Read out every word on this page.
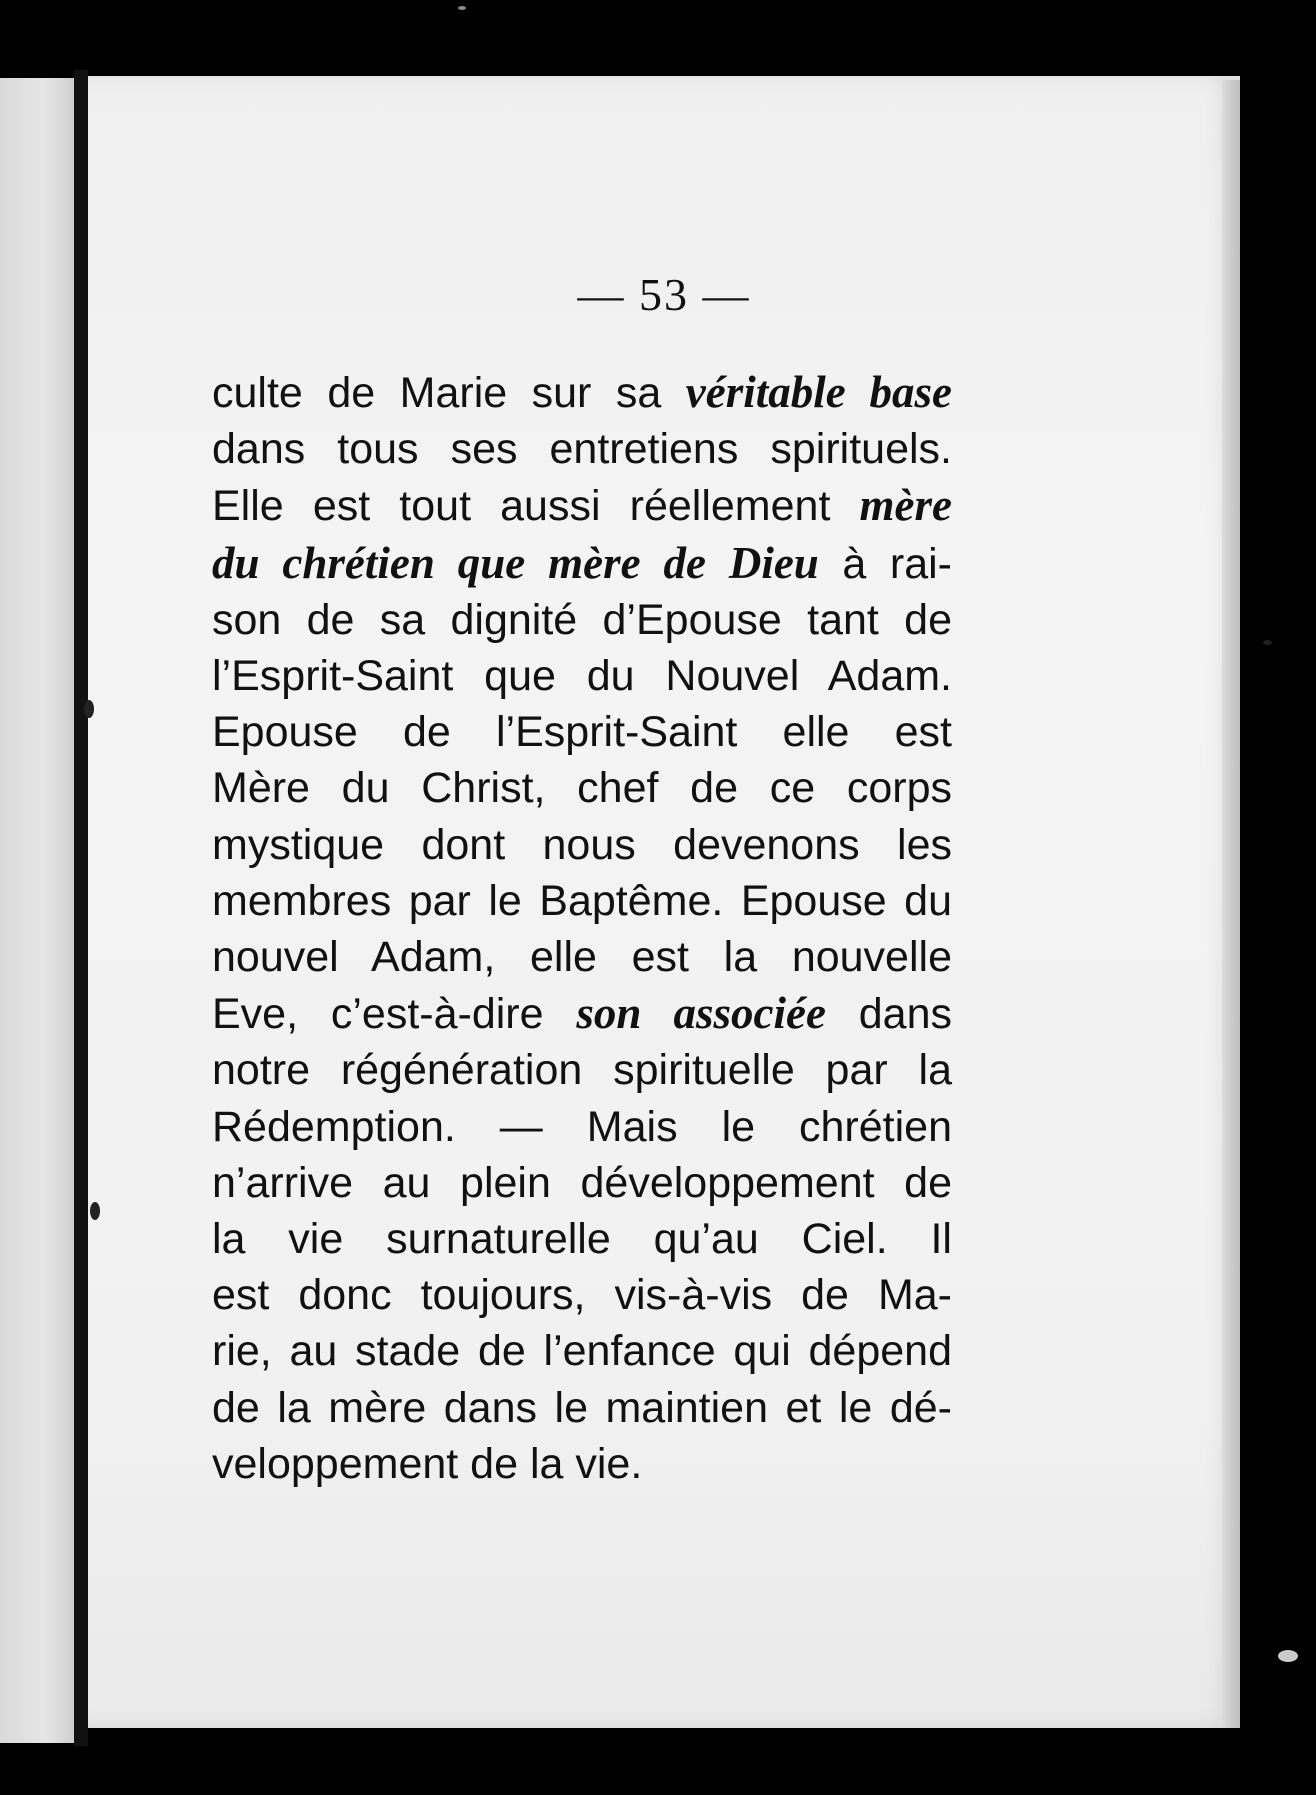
— 53 —
culte de Marie sur sa véritable base
dans tous ses entretiens spirituels.
Elle est tout aussi réellement mère
du chrétien que mère de Dieu à rai-
son de sa dignité d’Epouse tant de
l’Esprit-Saint que du Nouvel Adam.
Epouse de l’Esprit-Saint elle est
Mère du Christ, chef de ce corps
mystique dont nous devenons les
membres par le Baptême. Epouse du
nouvel Adam, elle est la nouvelle
Eve, c’est-à-dire son associée dans
notre régénération spirituelle par la
Rédemption. — Mais le chrétien
n’arrive au plein développement de
la vie surnaturelle qu’au Ciel. Il
est donc toujours, vis-à-vis de Ma-
rie, au stade de l’enfance qui dépend
de la mère dans le maintien et le dé-
veloppement de la vie.
